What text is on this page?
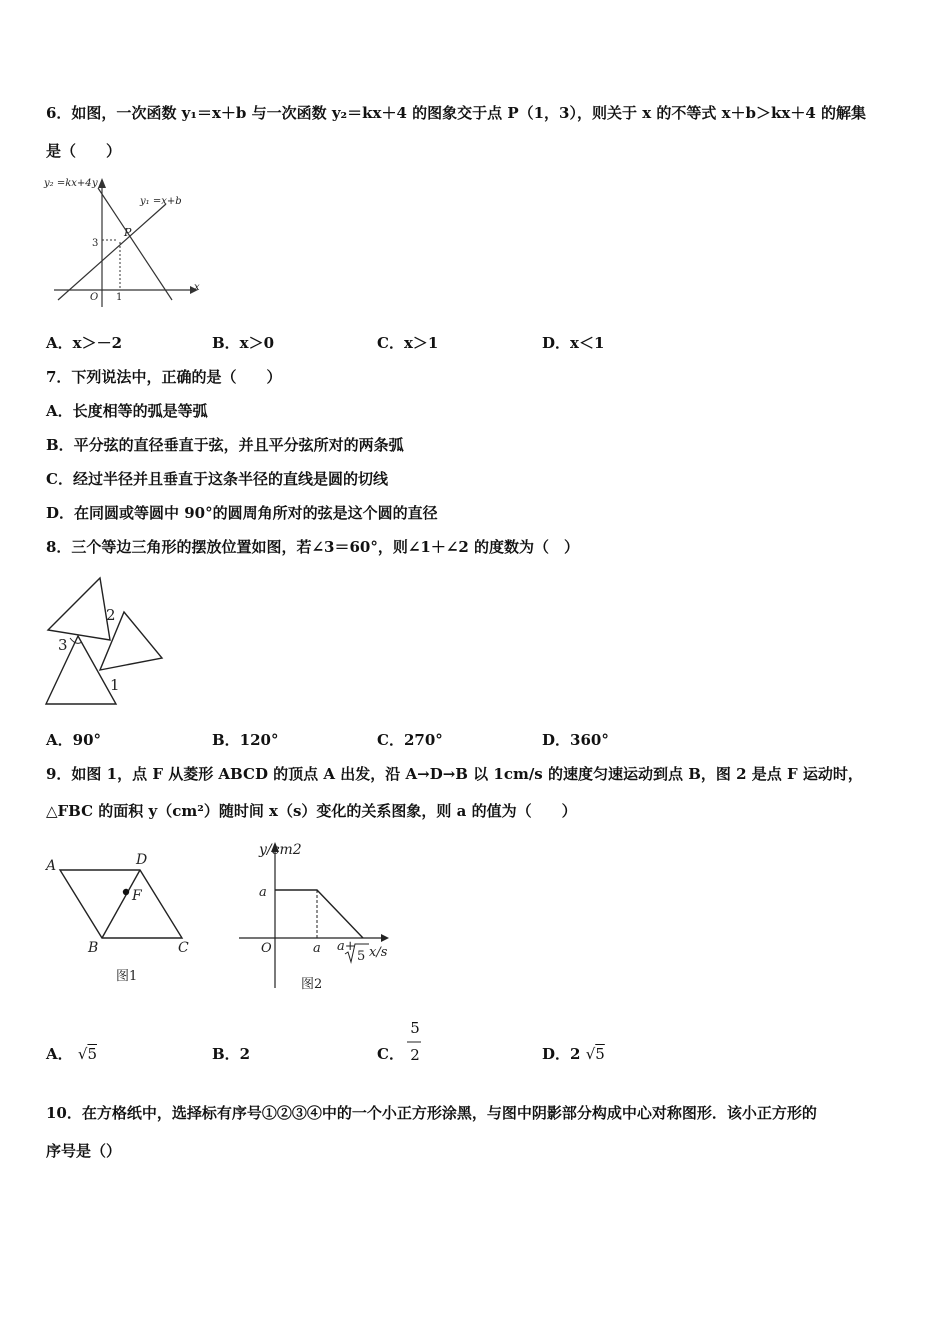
6．如图，一次函数 y₁＝x＋b 与一次函数 y₂＝kx＋4 的图象交于点 P（1，3），则关于 x 的不等式 x＋b＞kx＋4 的解集
是（　　）
y₂ =kx+4 y
y₁ =x+b
x
O 1
3
P
A．x＞－2	B．x＞0	C．x＞1	D．x＜1
7．下列说法中，正确的是（　　）
A．长度相等的弧是等弧
B．平分弦的直径垂直于弦，并且平分弦所对的两条弧
C．经过半径并且垂直于这条半径的直线是圆的切线
D．在同圆或等圆中 90°的圆周角所对的弦是这个圆的直径
8．三个等边三角形的摆放位置如图，若∠3＝60°，则∠1＋∠2 的度数为（　）
3
2
1
A．90°	B．120°	C．270°	D．360°
9．如图 1，点 F 从菱形 ABCD 的顶点 A 出发，沿 A→D→B 以 1cm/s 的速度匀速运动到点 B，图 2 是点 F 运动时，
△FBC 的面积 y（cm²）随时间 x（s）变化的关系图象，则 a 的值为（　　）
A	D
F
B	C
图1
y/cm2
a
O	a a+
5 x/s
图2
A． √5	B．2	C．
5
2	D．2 √5
10．在方格纸中，选择标有序号①②③④中的一个小正方形涂黑，与图中阴影部分构成中心对称图形．该小正方形的
序号是（）
